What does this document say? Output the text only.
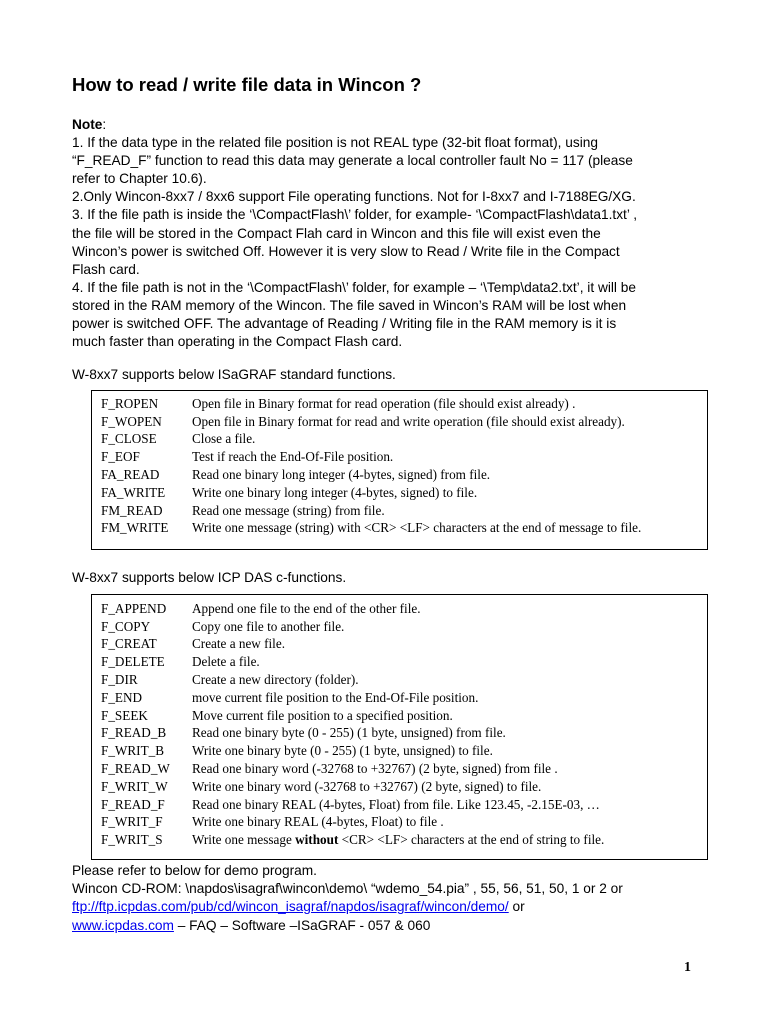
How to read / write file data in Wincon ?

Note:

1. If the data type in the related file position is not REAL type (32-bit float format), using

“F_READ_F” function to read this data may generate a local controller fault No = 117 (please

refer to Chapter 10.6).

2.Only Wincon-8xx7 / 8xx6 support File operating functions. Not for I-8xx7 and I-7188EG/XG.

3. If the file path is inside the ‘\CompactFlash\’ folder, for example- ‘\CompactFlash\data1.txt’ ,

the file will be stored in the Compact Flah card in Wincon and this file will exist even the

Wincon’s power is switched Off. However it is very slow to Read / Write file in the Compact

Flash card.

4. If the file path is not in the ‘\CompactFlash\’ folder, for example – ‘\Temp\data2.txt’, it will be

stored in the RAM memory of the Wincon. The file saved in Wincon’s RAM will be lost when

power is switched OFF. The advantage of Reading / Writing file in the RAM memory is it is

much faster than operating in the Compact Flash card.

W-8xx7 supports below ISaGRAF standard functions.

F_ROPEN	Open file in Binary format for read operation (file should exist already) .
F_WOPEN	Open file in Binary format for read and write operation (file should exist already).
F_CLOSE	Close a file.
F_EOF	Test if reach the End-Of-File position.
FA_READ	Read one binary long integer (4-bytes, signed) from file.
FA_WRITE	Write one binary long integer (4-bytes, signed) to file.
FM_READ	Read one message (string) from file.
FM_WRITE	Write one message (string) with <CR> <LF> characters at the end of message to file.

W-8xx7 supports below ICP DAS c-functions.

F_APPEND	Append one file to the end of the other file.
F_COPY	Copy one file to another file.
F_CREAT	Create a new file.
F_DELETE	Delete a file.
F_DIR	Create a new directory (folder).
F_END	move current file position to the End-Of-File position.
F_SEEK	Move current file position to a specified position.
F_READ_B	Read one binary byte (0 - 255) (1 byte, unsigned) from file.
F_WRIT_B	Write one binary byte (0 - 255) (1 byte, unsigned) to file.
F_READ_W	Read one binary word (-32768 to +32767) (2 byte, signed) from file .
F_WRIT_W	Write one binary word (-32768 to +32767) (2 byte, signed) to file.
F_READ_F	Read one binary REAL (4-bytes, Float) from file. Like 123.45, -2.15E-03, …
F_WRIT_F	Write one binary REAL (4-bytes, Float) to file .
F_WRIT_S	Write one message without <CR> <LF> characters at the end of string to file.

Please refer to below for demo program.

Wincon CD-ROM: \napdos\isagraf\wincon\demo\ “wdemo_54.pia” , 55, 56, 51, 50, 1 or 2 or

ftp://ftp.icpdas.com/pub/cd/wincon_isagraf/napdos/isagraf/wincon/demo/ or

www.icpdas.com – FAQ – Software –ISaGRAF - 057 & 060

1
